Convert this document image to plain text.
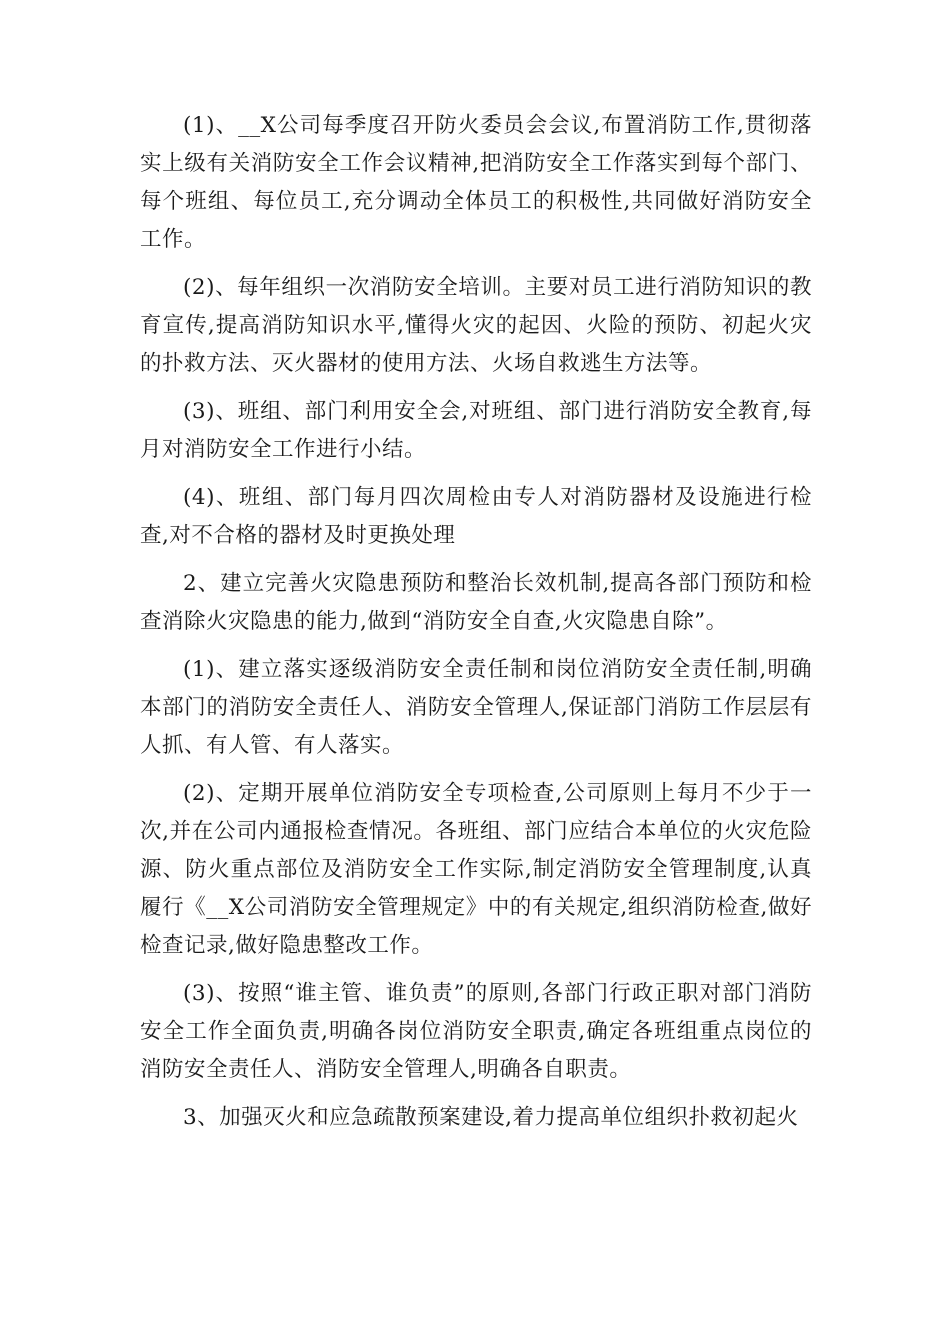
(1)、__X公司每季度召开防火委员会会议,布置消防工作,贯彻落实上级有关消防安全工作会议精神,把消防安全工作落实到每个部门、每个班组、每位员工,充分调动全体员工的积极性,共同做好消防安全工作。

(2)、每年组织一次消防安全培训。主要对员工进行消防知识的教育宣传,提高消防知识水平,懂得火灾的起因、火险的预防、初起火灾的扑救方法、灭火器材的使用方法、火场自救逃生方法等。

(3)、班组、部门利用安全会,对班组、部门进行消防安全教育,每月对消防安全工作进行小结。

(4)、班组、部门每月四次周检由专人对消防器材及设施进行检查,对不合格的器材及时更换处理

2、建立完善火灾隐患预防和整治长效机制,提高各部门预防和检查消除火灾隐患的能力,做到“消防安全自查,火灾隐患自除”。

(1)、建立落实逐级消防安全责任制和岗位消防安全责任制,明确本部门的消防安全责任人、消防安全管理人,保证部门消防工作层层有人抓、有人管、有人落实。

(2)、定期开展单位消防安全专项检查,公司原则上每月不少于一次,并在公司内通报检查情况。各班组、部门应结合本单位的火灾危险源、防火重点部位及消防安全工作实际,制定消防安全管理制度,认真履行《__X公司消防安全管理规定》中的有关规定,组织消防检查,做好检查记录,做好隐患整改工作。

(3)、按照“谁主管、谁负责”的原则,各部门行政正职对部门消防安全工作全面负责,明确各岗位消防安全职责,确定各班组重点岗位的消防安全责任人、消防安全管理人,明确各自职责。

3、加强灭火和应急疏散预案建设,着力提高单位组织扑救初起火
